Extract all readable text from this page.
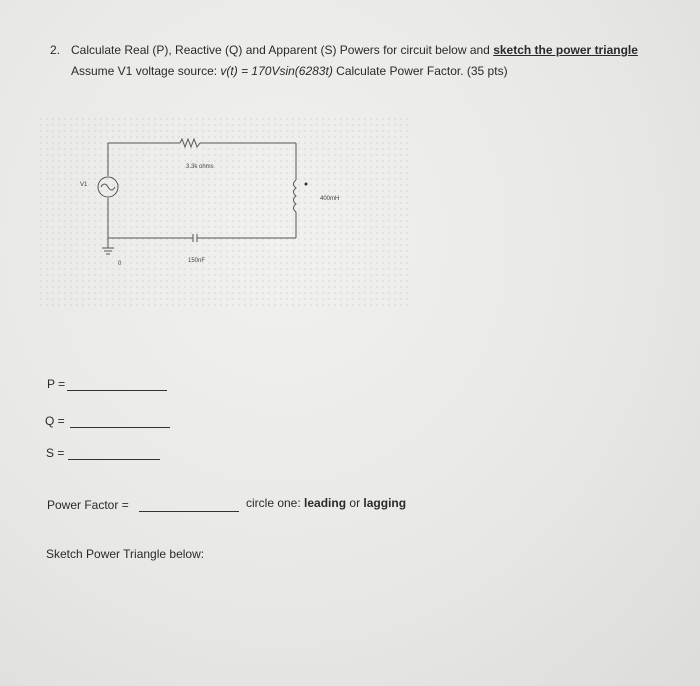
2. Calculate Real (P), Reactive (Q) and Apparent (S) Powers for circuit below and sketch the power triangle
Assume V1 voltage source: v(t) = 170Vsin(6283t) Calculate Power Factor. (35 pts)
3.3k ohms
V1
0
400mH
150nF
P =
Q =
S =
Power Factor =	circle one: leading or lagging
Sketch Power Triangle below:
